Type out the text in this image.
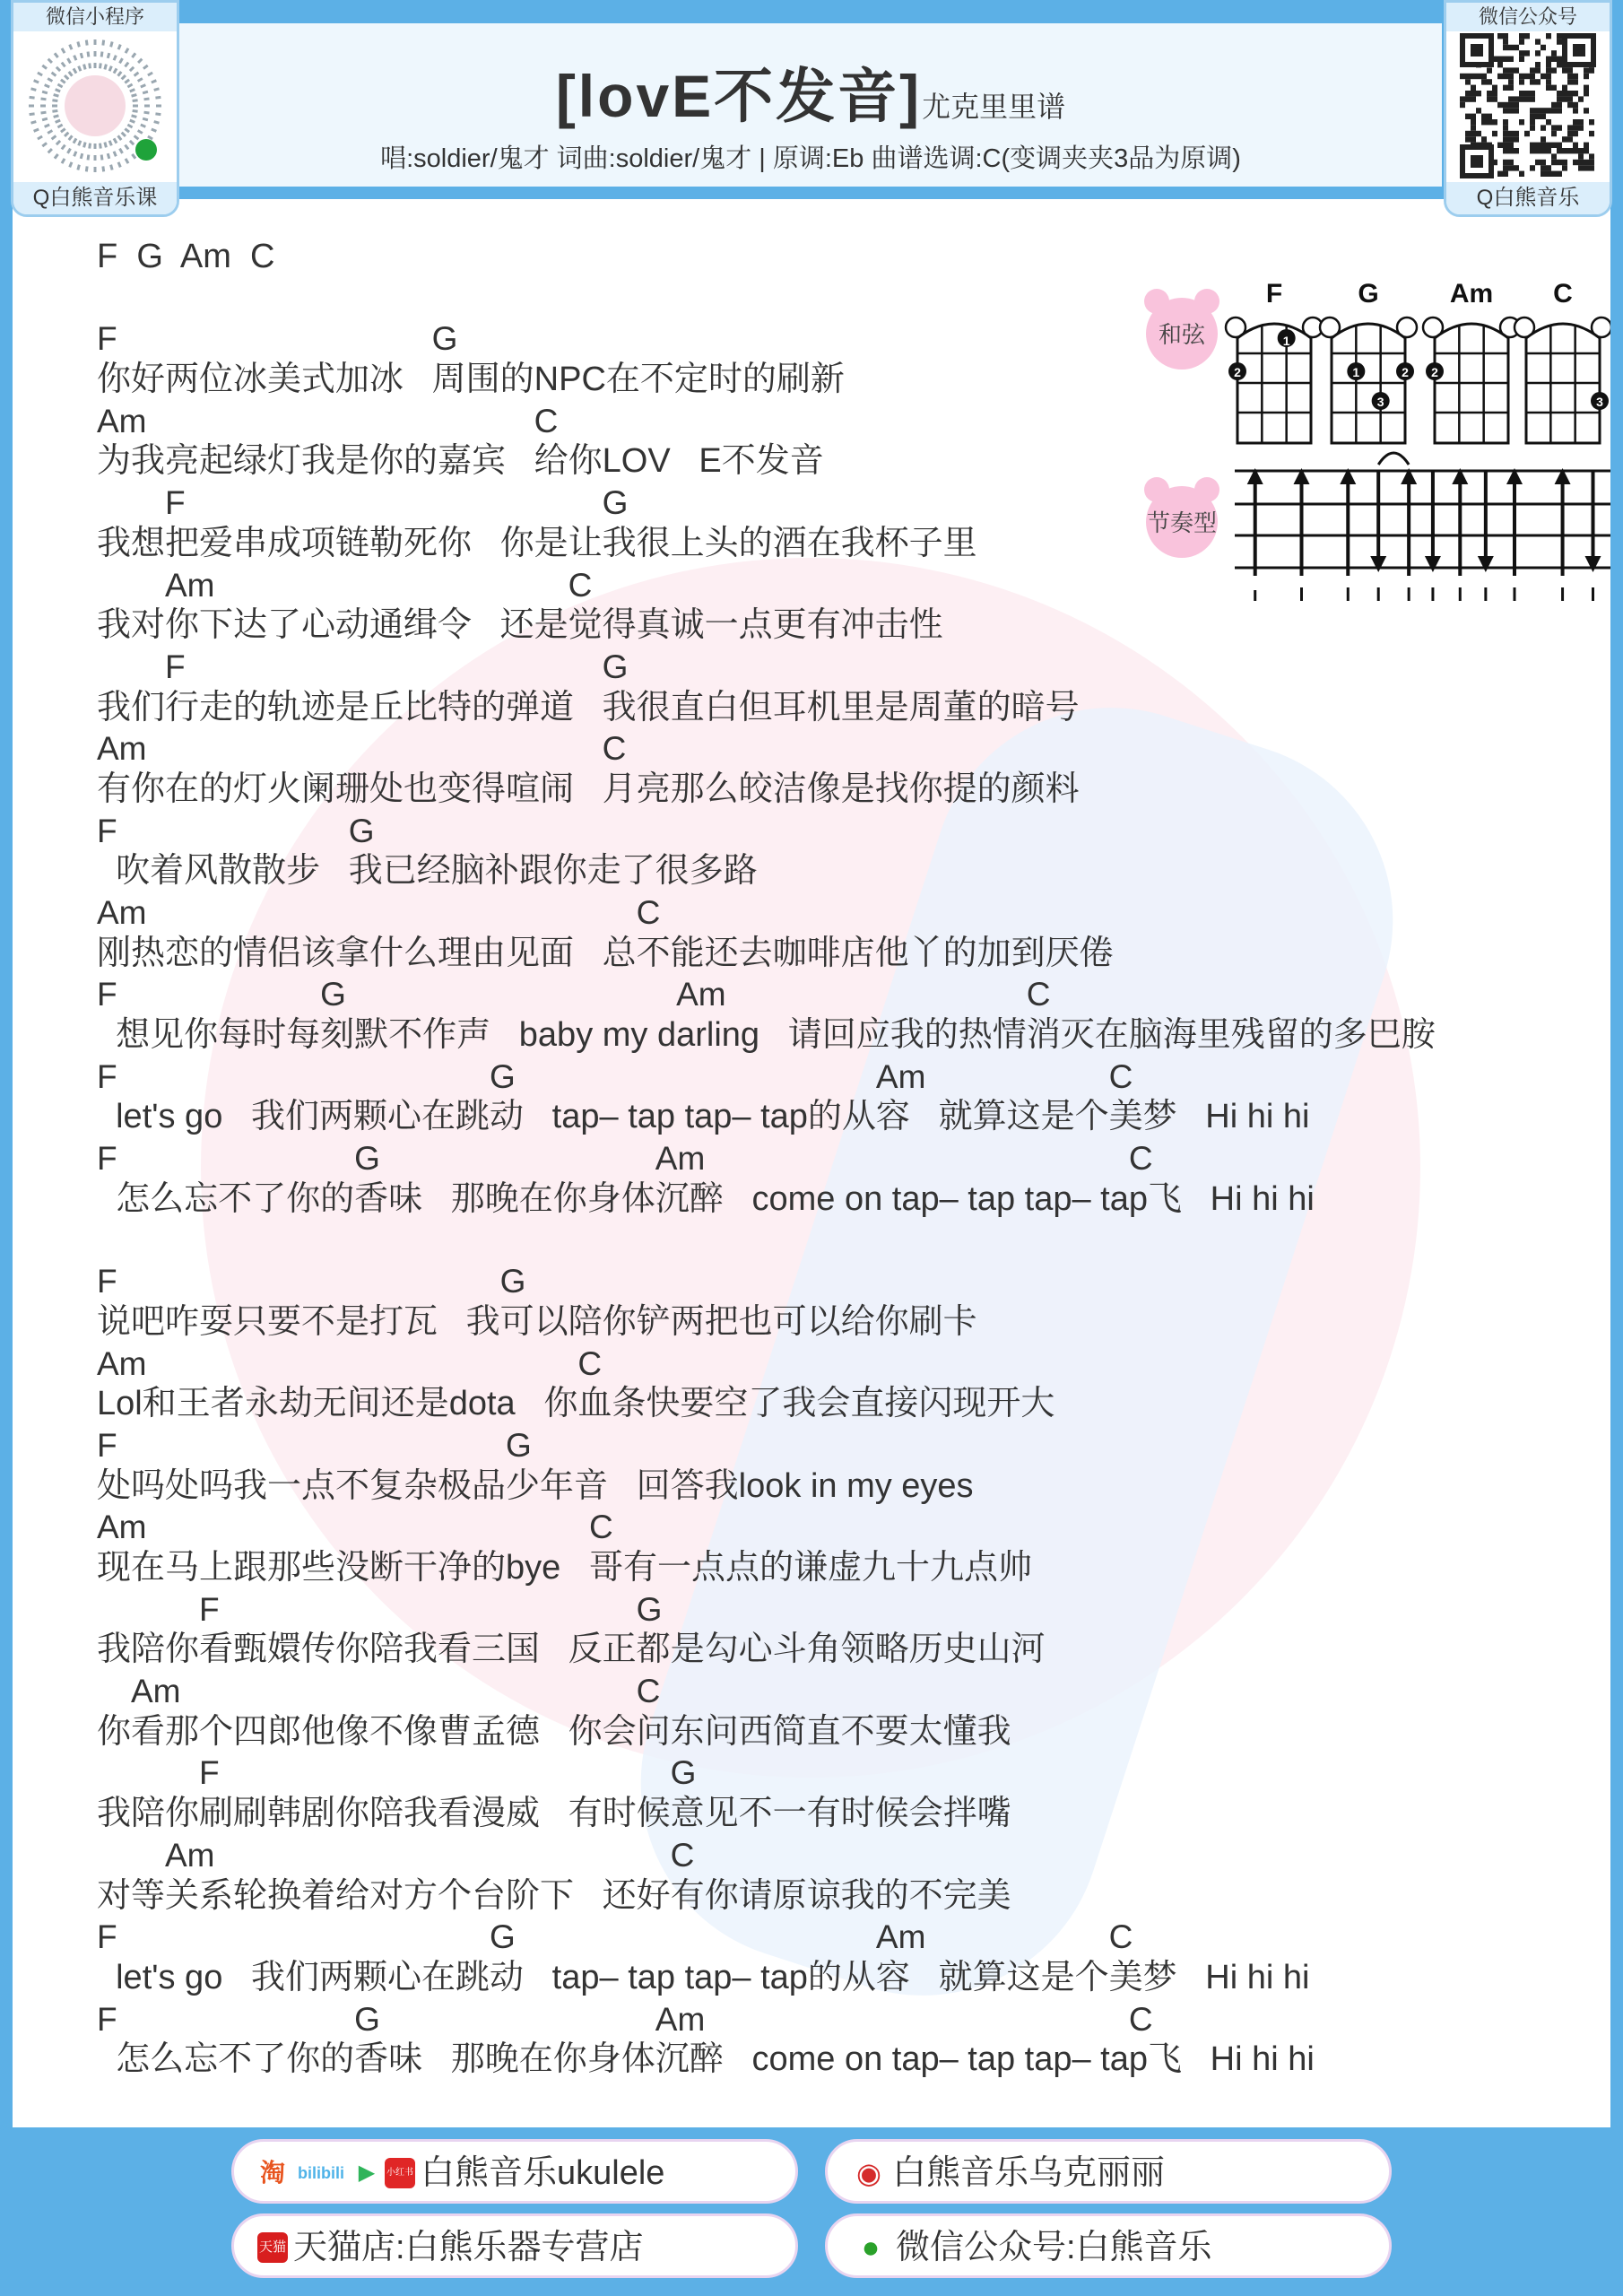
[lovE不发音]尤克里里谱
唱:soldier/鬼才 词曲:soldier/鬼才 | 原调:Eb 曲谱选调:C(变调夹夹3品为原调)
微信小程序
Q白熊音乐课
微信公众号
Q白熊音乐
F  G  Am  C
F	G
你好两位冰美式加冰   周围的NPC在不定时的刷新
Am	C
为我亮起绿灯我是你的嘉宾   给你LOV   E不发音
F	G
我想把爱串成项链勒死你   你是让我很上头的酒在我杯子里
Am	C
我对你下达了心动通缉令   还是觉得真诚一点更有冲击性
F	G
我们行走的轨迹是丘比特的弹道   我很直白但耳机里是周董的暗号
Am	C
有你在的灯火阑珊处也变得喧闹   月亮那么皎洁像是找你提的颜料
F	G
吹着风散散步   我已经脑补跟你走了很多路
Am	C
刚热恋的情侣该拿什么理由见面   总不能还去咖啡店他丫的加到厌倦
F	G	Am	C
想见你每时每刻默不作声   baby my darling   请回应我的热情消灭在脑海里残留的多巴胺
F	G	Am	C
let's go   我们两颗心在跳动   tap– tap tap– tap的从容   就算这是个美梦   Hi hi hi
F	G	Am	C
怎么忘不了你的香味   那晚在你身体沉醉   come on tap– tap tap– tap飞   Hi hi hi
F	G
说吧咋耍只要不是打瓦   我可以陪你铲两把也可以给你刷卡
Am	C
Lol和王者永劫无间还是dota   你血条快要空了我会直接闪现开大
F	G
处吗处吗我一点不复杂极品少年音   回答我look in my eyes
Am	C
现在马上跟那些没断干净的bye   哥有一点点的谦虚九十九点帅
F	G
我陪你看甄嬛传你陪我看三国   反正都是勾心斗角领略历史山河
Am	C
你看那个四郎他像不像曹孟德   你会问东问西简直不要太懂我
F	G
我陪你刷刷韩剧你陪我看漫威   有时候意见不一有时候会拌嘴
Am	C
对等关系轮换着给对方个台阶下   还好有你请原谅我的不完美
F	G	Am	C
let's go   我们两颗心在跳动   tap– tap tap– tap的从容   就算这是个美梦   Hi hi hi
F	G	Am	C
怎么忘不了你的香味   那晚在你身体沉醉   come on tap– tap tap– tap飞   Hi hi hi
和弦
节奏型
F
2
1
G
1	2
3
Am
2
C
3
淘 bilibili ▶ 小红书 白熊音乐ukulele	◉ 白熊音乐乌克丽丽
天猫 天猫店:白熊乐器专营店	● 微信公众号:白熊音乐
